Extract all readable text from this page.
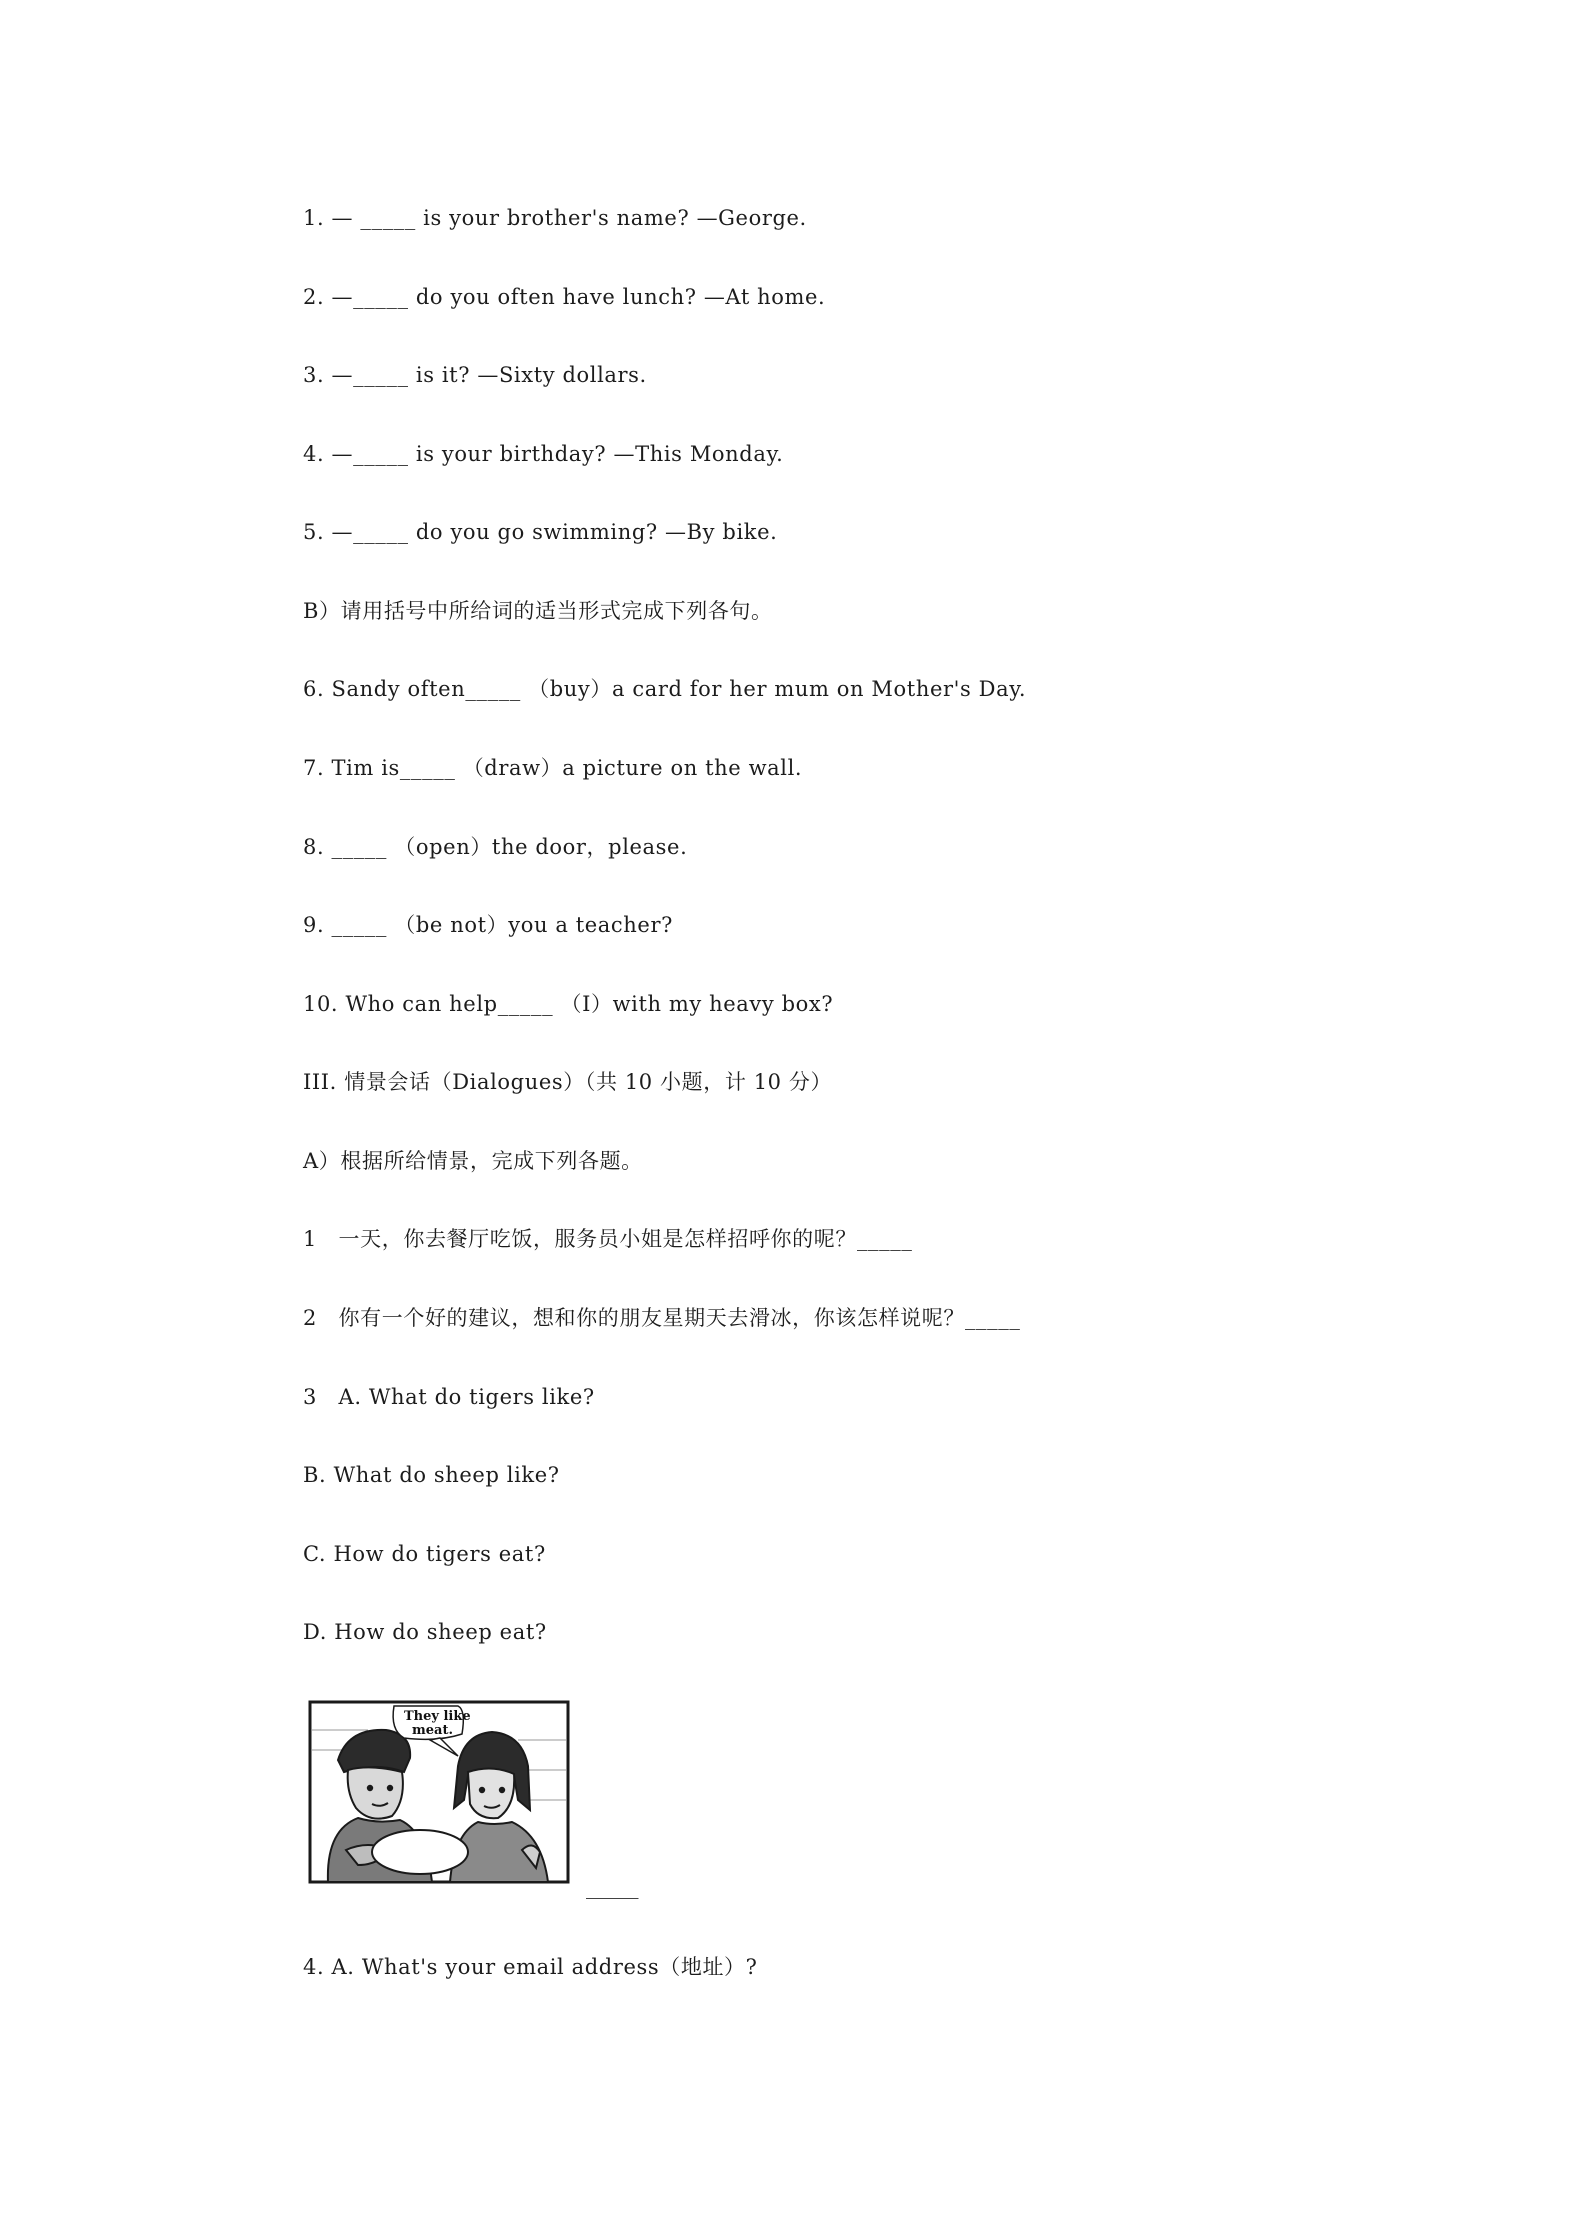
1. — _____ is your brother's name? —George.

2. —_____ do you often have lunch? —At home.

3. —_____ is it? —Sixty dollars.

4. —_____ is your birthday? —This Monday.

5. —_____ do you go swimming? —By bike.

B）请用括号中所给词的适当形式完成下列各句。

6. Sandy often_____ （buy）a card for her mum on Mother's Day.

7. Tim is_____ （draw）a picture on the wall.

8. _____ （open）the door，please.

9. _____ （be not）you a teacher?

10. Who can help_____ （I）with my heavy box?

III. 情景会话（Dialogues）（共 10 小题，计 10 分）

A）根据所给情景，完成下列各题。

1　一天，你去餐厅吃饭，服务员小姐是怎样招呼你的呢？_____

2　你有一个好的建议，想和你的朋友星期天去滑冰，你该怎样说呢？_____

3　A. What do tigers like?

B. What do sheep like?

C. How do tigers eat?

D. How do sheep eat?

They like
meat.
_____

4. A. What's your email address（地址）?
